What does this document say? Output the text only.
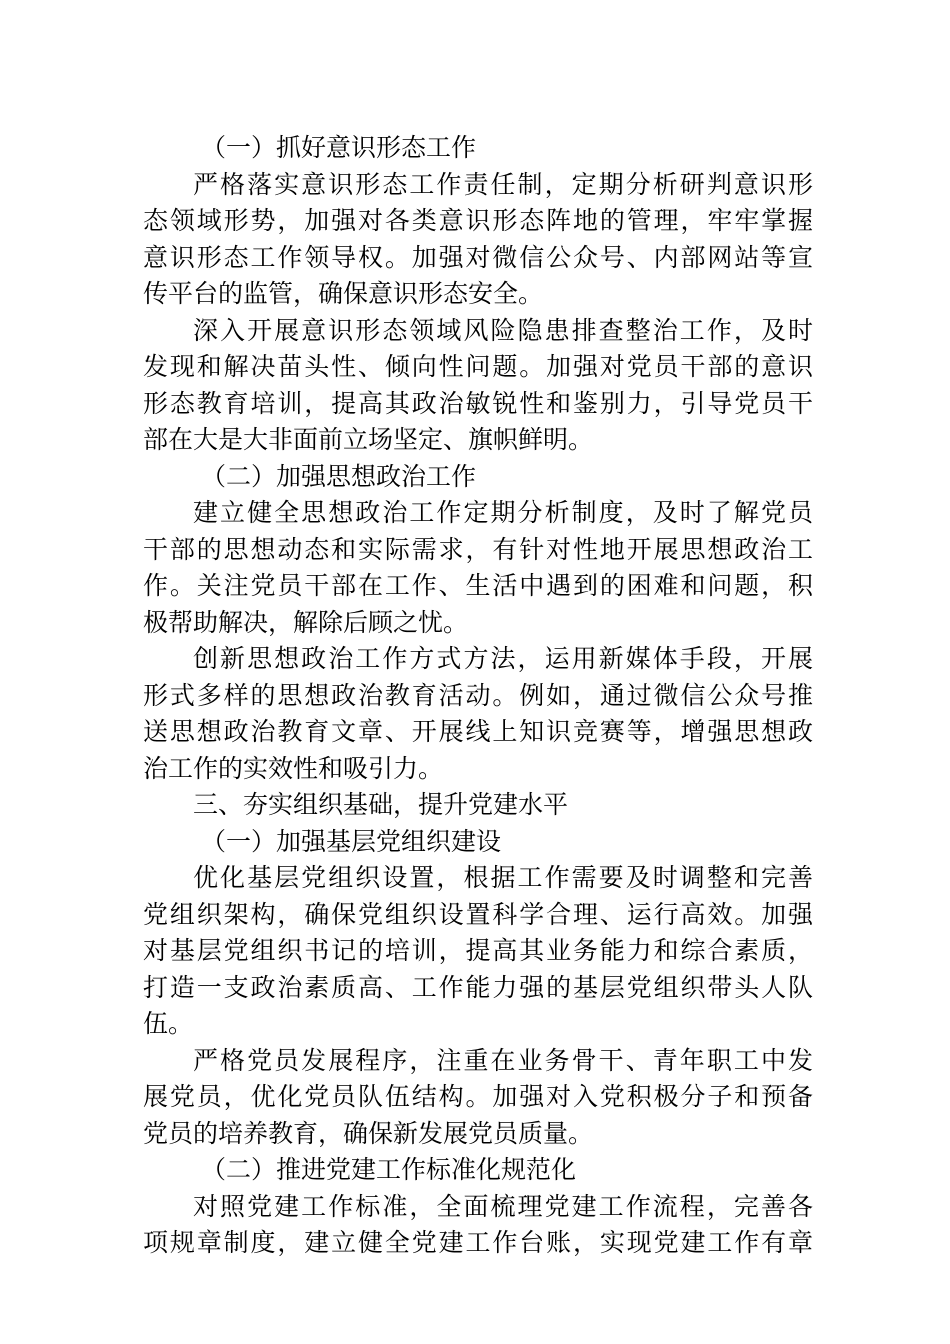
（一）抓好意识形态工作
严格落实意识形态工作责任制，定期分析研判意识形
态领域形势，加强对各类意识形态阵地的管理，牢牢掌握
意识形态工作领导权。加强对微信公众号、内部网站等宣
传平台的监管，确保意识形态安全。
深入开展意识形态领域风险隐患排查整治工作，及时
发现和解决苗头性、倾向性问题。加强对党员干部的意识
形态教育培训，提高其政治敏锐性和鉴别力，引导党员干
部在大是大非面前立场坚定、旗帜鲜明。
（二）加强思想政治工作
建立健全思想政治工作定期分析制度，及时了解党员
干部的思想动态和实际需求，有针对性地开展思想政治工
作。关注党员干部在工作、生活中遇到的困难和问题，积
极帮助解决，解除后顾之忧。
创新思想政治工作方式方法，运用新媒体手段，开展
形式多样的思想政治教育活动。例如，通过微信公众号推
送思想政治教育文章、开展线上知识竞赛等，增强思想政
治工作的实效性和吸引力。
三、夯实组织基础，提升党建水平
（一）加强基层党组织建设
优化基层党组织设置，根据工作需要及时调整和完善
党组织架构，确保党组织设置科学合理、运行高效。加强
对基层党组织书记的培训，提高其业务能力和综合素质，
打造一支政治素质高、工作能力强的基层党组织带头人队
伍。
严格党员发展程序，注重在业务骨干、青年职工中发
展党员，优化党员队伍结构。加强对入党积极分子和预备
党员的培养教育，确保新发展党员质量。
（二）推进党建工作标准化规范化
对照党建工作标准，全面梳理党建工作流程，完善各
项规章制度，建立健全党建工作台账，实现党建工作有章
